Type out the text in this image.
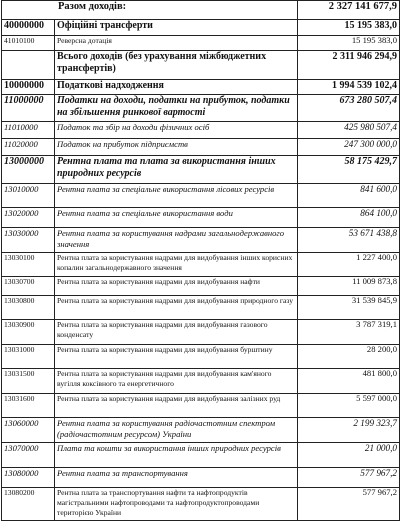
Разом доходів:		2 327 141 677,9
40000000	Офіційні трансферти	15 195 383,0
41010100	Реверсна дотація	15 195 383,0
	Всього доходів (без урахування міжбюджетних трансфертів)	2 311 946 294,9
10000000	Податкові надходження	1 994 539 102,4
11000000	Податки на доходи, податки на прибуток, податки на збільшення ринкової вартості	673 280 507,4
11010000	Податок та збір на доходи фізичних осіб	425 980 507,4
11020000	Податок на прибуток підприємств	247 300 000,0
13000000	Рентна плата та плата за використання інших природних ресурсів	58 175 429,7
13010000	Рентна плата за спеціальне використання лісових ресурсів	841 600,0
13020000	Рентна плата за спеціальне використання води	864 100,0
13030000	Рентна плата за користування надрами загальнодержавного значення	53 671 438,8
13030100	Рентна плата за користування надрами для видобування інших корисних копалин загальнодержавного значення	1 227 400,0
13030700	Рентна плата за користування надрами для видобування нафти	11 009 873,8
13030800	Рентна плата за користування надрами для видобування природного газу	31 539 845,9
13030900	Рентна плата за користування надрами для видобування газового конденсату	3 787 319,1
13031000	Рентна плата за користування надрами для видобування бурштину	28 200,0
13031500	Рентна плата за користування надрами для видобування кам'яного вугілля коксівного та енергетичного	481 800,0
13031600	Рентна плата за користування надрами для видобування залізних руд	5 597 000,0
13060000	Рентна плата за користування радіочастотним спектром (радіочастотним ресурсом) України	2 199 323,7
13070000	Плата та кошти за використання інших природних ресурсів	21 000,0
13080000	Рентна плата за транспортування	577 967,2
13080200	Рентна плата за транспортування нафти та нафтопродуктів магістральними нафтопроводами та нафтопродуктопроводами територією України	577 967,2
